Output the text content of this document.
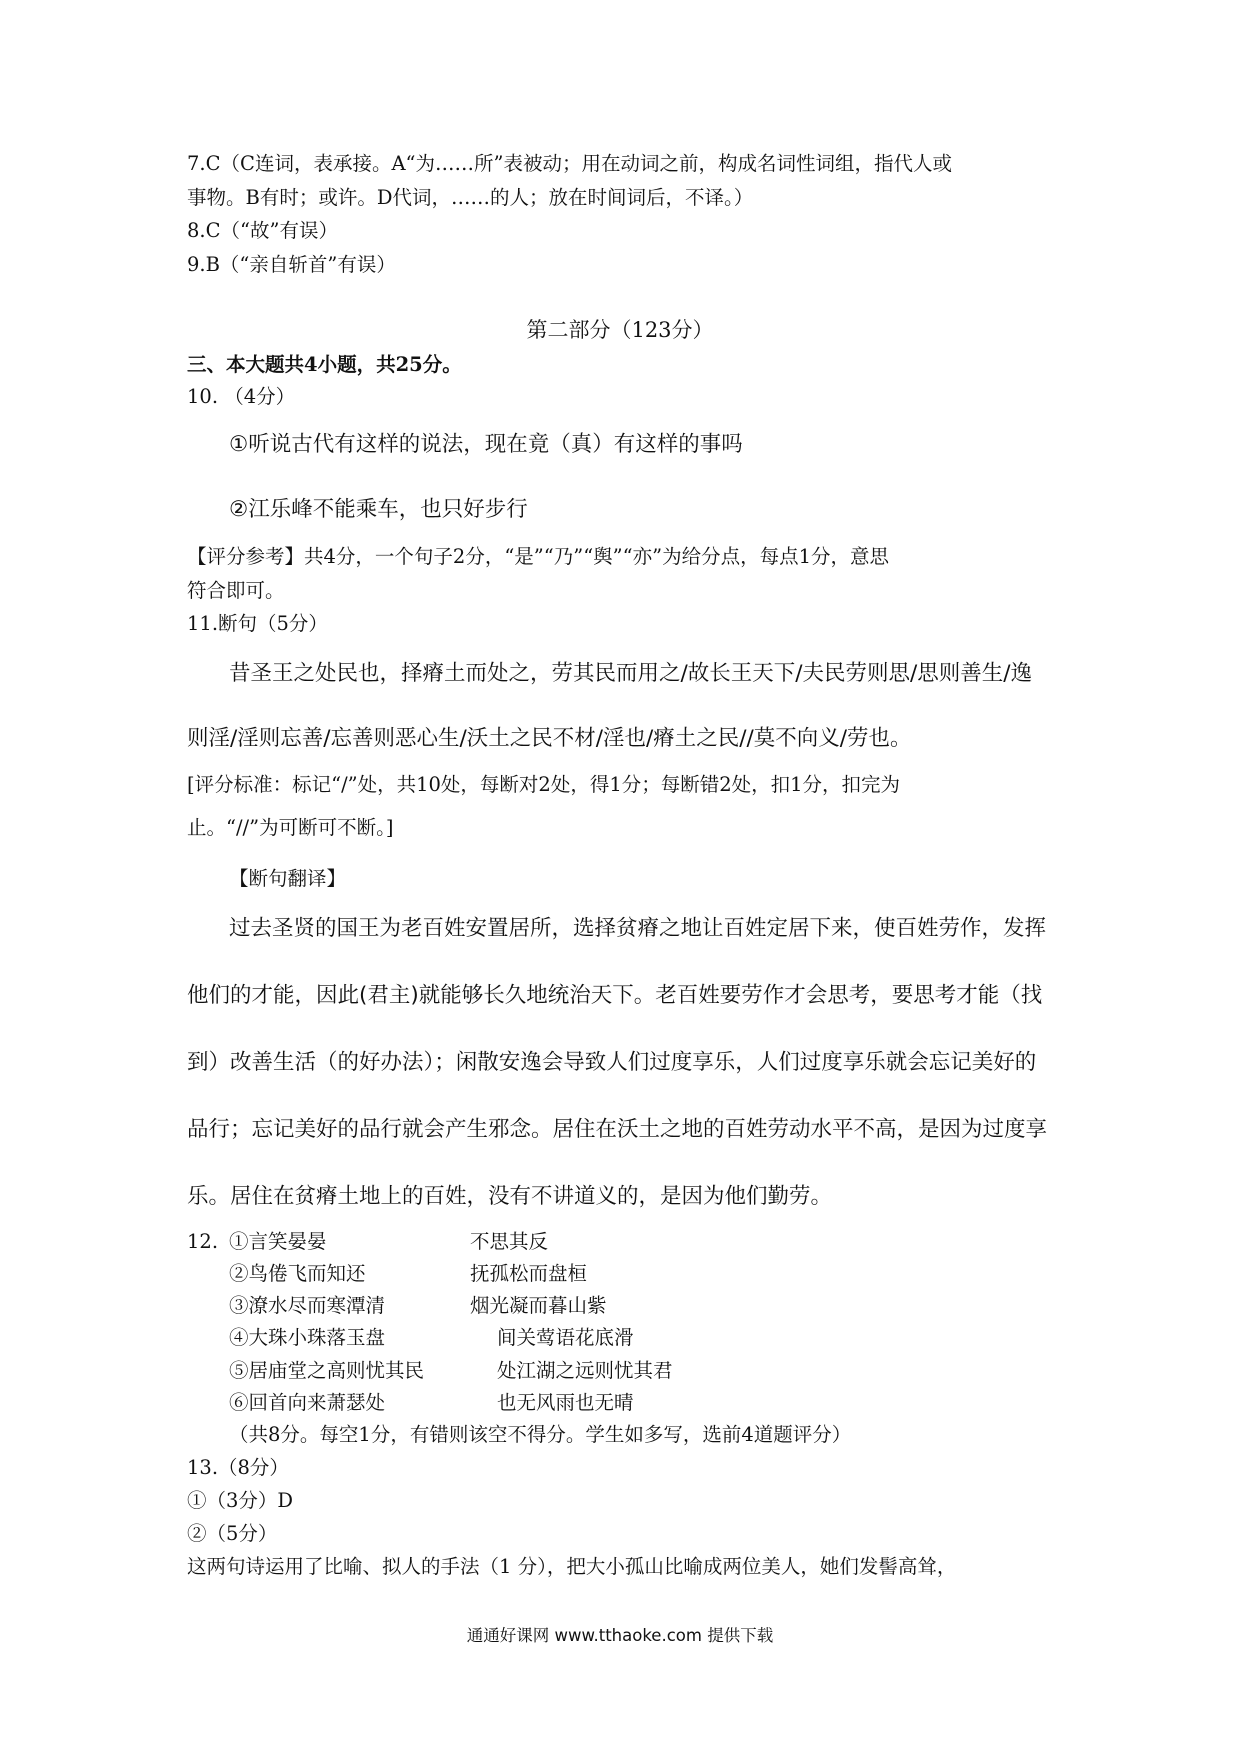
7.C（C连词，表承接。A“为……所”表被动；用在动词之前，构成名词性词组，指代人或
事物。B有时；或许。D代词，……的人；放在时间词后，不译。）
8.C（“故”有误）
9.B（“亲自斩首”有误）
第二部分（123分）
三、本大题共4小题，共25分。
10. （4分）
①听说古代有这样的说法，现在竟（真）有这样的事吗
②江乐峰不能乘车，也只好步行
【评分参考】共4分，一个句子2分，“是”“乃”“舆”“亦”为给分点，每点1分，意思
符合即可。
11.断句（5分）
昔圣王之处民也，择瘠土而处之，劳其民而用之/故长王天下/夫民劳则思/思则善生/逸
则淫/淫则忘善/忘善则恶心生/沃土之民不材/淫也/瘠土之民//莫不向义/劳也。
[评分标准：标记“/”处，共10处，每断对2处，得1分；每断错2处，扣1分，扣完为
止。“//”为可断可不断。]
【断句翻译】
过去圣贤的国王为老百姓安置居所，选择贫瘠之地让百姓定居下来，使百姓劳作，发挥
他们的才能，因此(君主)就能够长久地统治天下。老百姓要劳作才会思考，要思考才能（找
到）改善生活（的好办法）；闲散安逸会导致人们过度享乐，人们过度享乐就会忘记美好的
品行；忘记美好的品行就会产生邪念。居住在沃土之地的百姓劳动水平不高，是因为过度享
乐。居住在贫瘠土地上的百姓，没有不讲道义的，是因为他们勤劳。
12. ①言笑晏晏	不思其反
②鸟倦飞而知还	抚孤松而盘桓
③潦水尽而寒潭清	烟光凝而暮山紫
④大珠小珠落玉盘	间关莺语花底滑
⑤居庙堂之高则忧其民	处江湖之远则忧其君
⑥回首向来萧瑟处	也无风雨也无晴
（共8分。每空1分，有错则该空不得分。学生如多写，选前4道题评分）
13.（8分）
①（3分）D
②（5分）
这两句诗运用了比喻、拟人的手法（1 分），把大小孤山比喻成两位美人，她们发髻高耸，
通通好课网 www.tthaoke.com 提供下载
